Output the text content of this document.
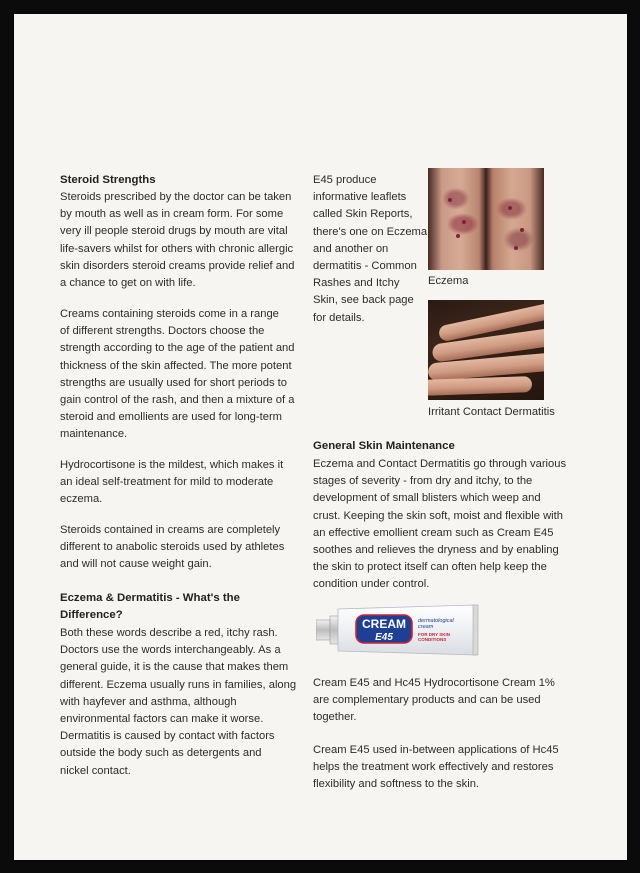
Steroid Strengths
Steroids prescribed by the doctor can be taken
by mouth as well as in cream form. For some
very ill people steroid drugs by mouth are vital
life-savers whilst for others with chronic allergic
skin disorders steroid creams provide relief and
a chance to get on with life.
Creams containing steroids come in a range
of different strengths. Doctors choose the
strength according to the age of the patient and
thickness of the skin affected. The more potent
strengths are usually used for short periods to
gain control of the rash, and then a mixture of a
steroid and emollients are used for long-term
maintenance.
Hydrocortisone is the mildest, which makes it
an ideal self-treatment for mild to moderate
eczema.
Steroids contained in creams are completely
different to anabolic steroids used by athletes
and will not cause weight gain.
Eczema & Dermatitis - What's the
Difference?
Both these words describe a red, itchy rash.
Doctors use the words interchangeably. As a
general guide, it is the cause that makes them
different. Eczema usually runs in families, along
with hayfever and asthma, although
environmental factors can make it worse.
Dermatitis is caused by contact with factors
outside the body such as detergents and
nickel contact.
E45 produce
informative leaflets
called Skin Reports,
there's one on Eczema
and another on
dermatitis - Common
Rashes and Itchy
Skin, see back page
for details.
Eczema
Irritant Contact Dermatitis
General Skin Maintenance
Eczema and Contact Dermatitis go through various
stages of severity - from dry and itchy, to the
development of small blisters which weep and
crust. Keeping the skin soft, moist and flexible with
an effective emollient cream such as Cream E45
soothes and relieves the dryness and by enabling
the skin to protect itself can often help keep the
condition under control.
CREAM
E45
dermatological
cream
FOR DRY SKIN
CONDITIONS
Cream E45 and Hc45 Hydrocortisone Cream 1%
are complementary products and can be used
together.
Cream E45 used in-between applications of Hc45
helps the treatment work effectively and restores
flexibility and softness to the skin.
